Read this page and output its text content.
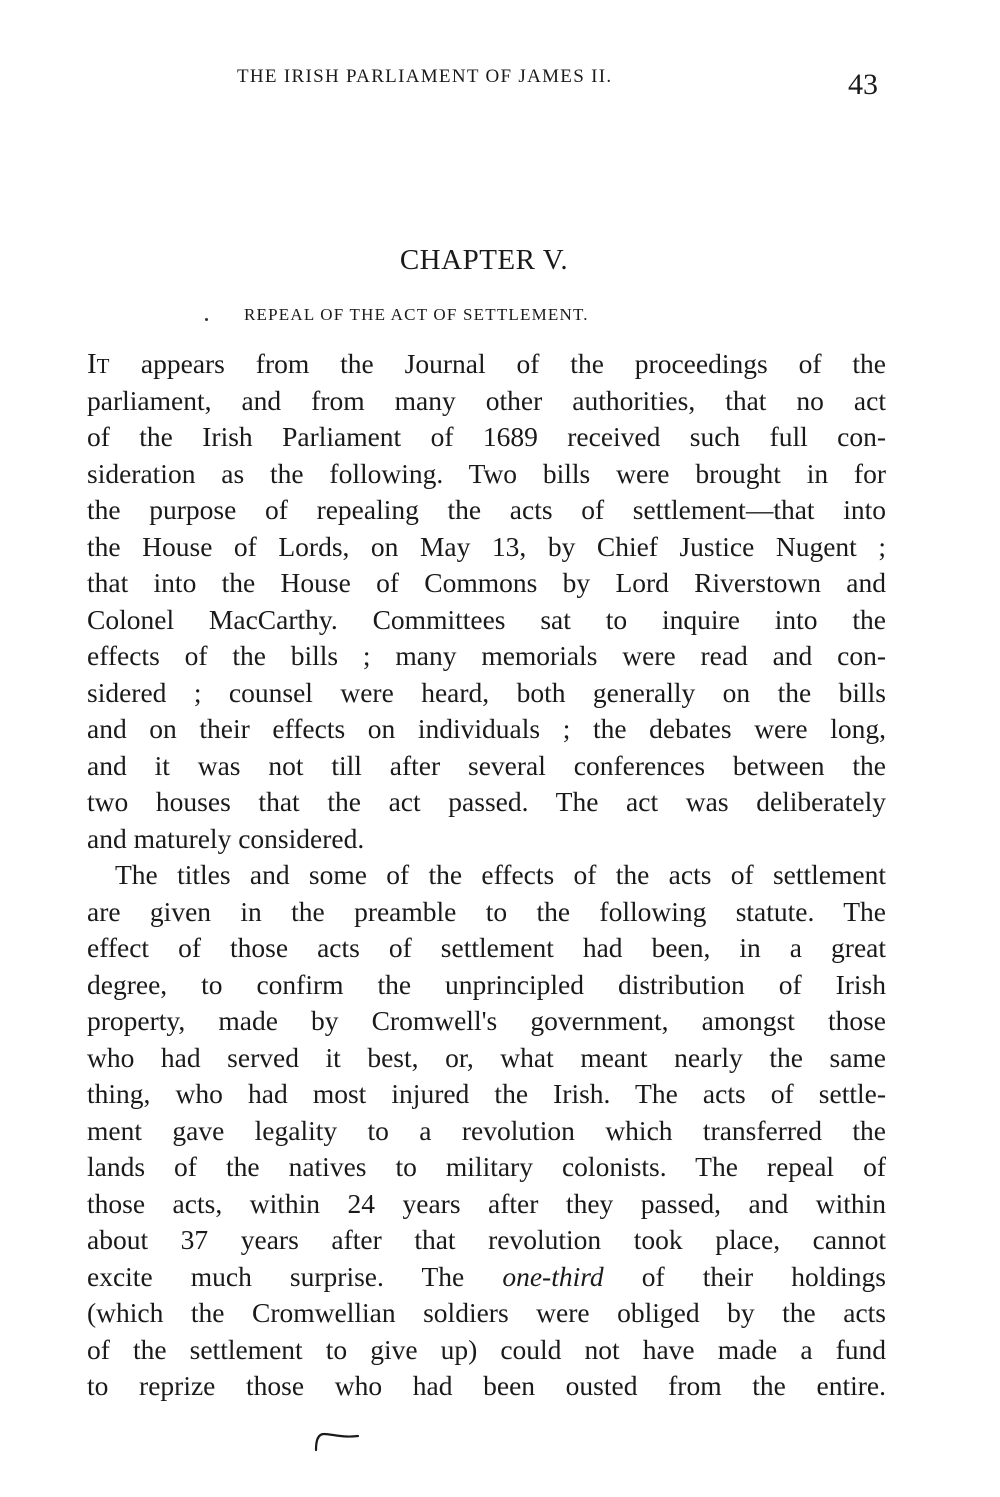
THE IRISH PARLIAMENT OF JAMES II.	43
CHAPTER V.
REPEAL OF THE ACT OF SETTLEMENT.
IT appears from the Journal of the proceedings of the
parliament, and from many other authorities, that no act
of the Irish Parliament of 1689 received such full con-
sideration as the following. Two bills were brought in for
the purpose of repealing the acts of settlement—that into
the House of Lords, on May 13, by Chief Justice Nugent ;
that into the House of Commons by Lord Riverstown and
Colonel MacCarthy. Committees sat to inquire into the
effects of the bills ; many memorials were read and con-
sidered ; counsel were heard, both generally on the bills
and on their effects on individuals ; the debates were long,
and it was not till after several conferences between the
two houses that the act passed. The act was deliberately
and maturely considered.
The titles and some of the effects of the acts of settlement
are given in the preamble to the following statute. The
effect of those acts of settlement had been, in a great
degree, to confirm the unprincipled distribution of Irish
property, made by Cromwell's government, amongst those
who had served it best, or, what meant nearly the same
thing, who had most injured the Irish. The acts of settle-
ment gave legality to a revolution which transferred the
lands of the natives to military colonists. The repeal of
those acts, within 24 years after they passed, and within
about 37 years after that revolution took place, cannot
excite much surprise. The one-third of their holdings
(which the Cromwellian soldiers were obliged by the acts
of the settlement to give up) could not have made a fund
to reprize those who had been ousted from the entire.
